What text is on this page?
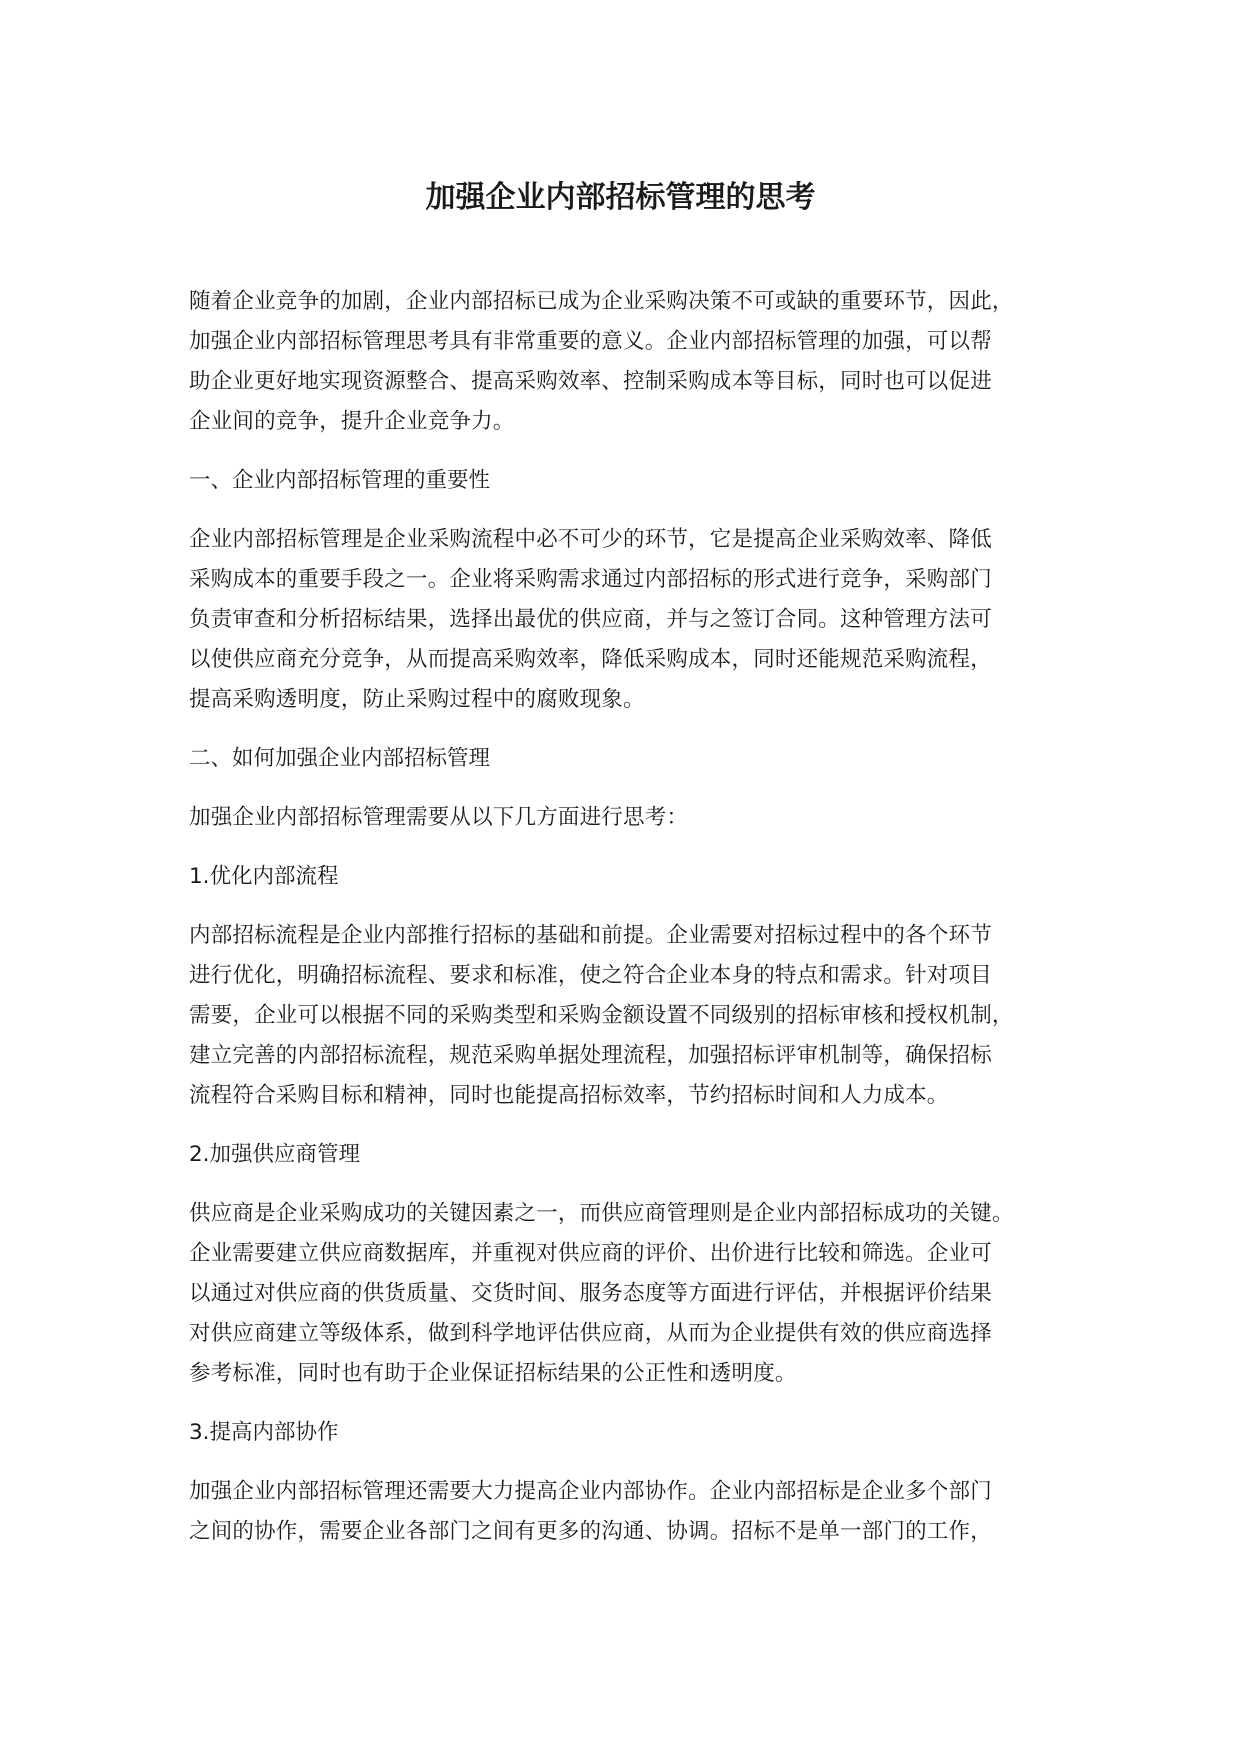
加强企业内部招标管理的思考

随着企业竞争的加剧，企业内部招标已成为企业采购决策不可或缺的重要环节，因此，
加强企业内部招标管理思考具有非常重要的意义。企业内部招标管理的加强，可以帮
助企业更好地实现资源整合、提高采购效率、控制采购成本等目标，同时也可以促进
企业间的竞争，提升企业竞争力。

一、企业内部招标管理的重要性

企业内部招标管理是企业采购流程中必不可少的环节，它是提高企业采购效率、降低
采购成本的重要手段之一。企业将采购需求通过内部招标的形式进行竞争，采购部门
负责审查和分析招标结果，选择出最优的供应商，并与之签订合同。这种管理方法可
以使供应商充分竞争，从而提高采购效率，降低采购成本，同时还能规范采购流程，
提高采购透明度，防止采购过程中的腐败现象。

二、如何加强企业内部招标管理

加强企业内部招标管理需要从以下几方面进行思考：

1.优化内部流程

内部招标流程是企业内部推行招标的基础和前提。企业需要对招标过程中的各个环节
进行优化，明确招标流程、要求和标准，使之符合企业本身的特点和需求。针对项目
需要，企业可以根据不同的采购类型和采购金额设置不同级别的招标审核和授权机制，
建立完善的内部招标流程，规范采购单据处理流程，加强招标评审机制等，确保招标
流程符合采购目标和精神，同时也能提高招标效率，节约招标时间和人力成本。

2.加强供应商管理

供应商是企业采购成功的关键因素之一，而供应商管理则是企业内部招标成功的关键。
企业需要建立供应商数据库，并重视对供应商的评价、出价进行比较和筛选。企业可
以通过对供应商的供货质量、交货时间、服务态度等方面进行评估，并根据评价结果
对供应商建立等级体系，做到科学地评估供应商，从而为企业提供有效的供应商选择
参考标准，同时也有助于企业保证招标结果的公正性和透明度。

3.提高内部协作

加强企业内部招标管理还需要大力提高企业内部协作。企业内部招标是企业多个部门
之间的协作，需要企业各部门之间有更多的沟通、协调。招标不是单一部门的工作，
